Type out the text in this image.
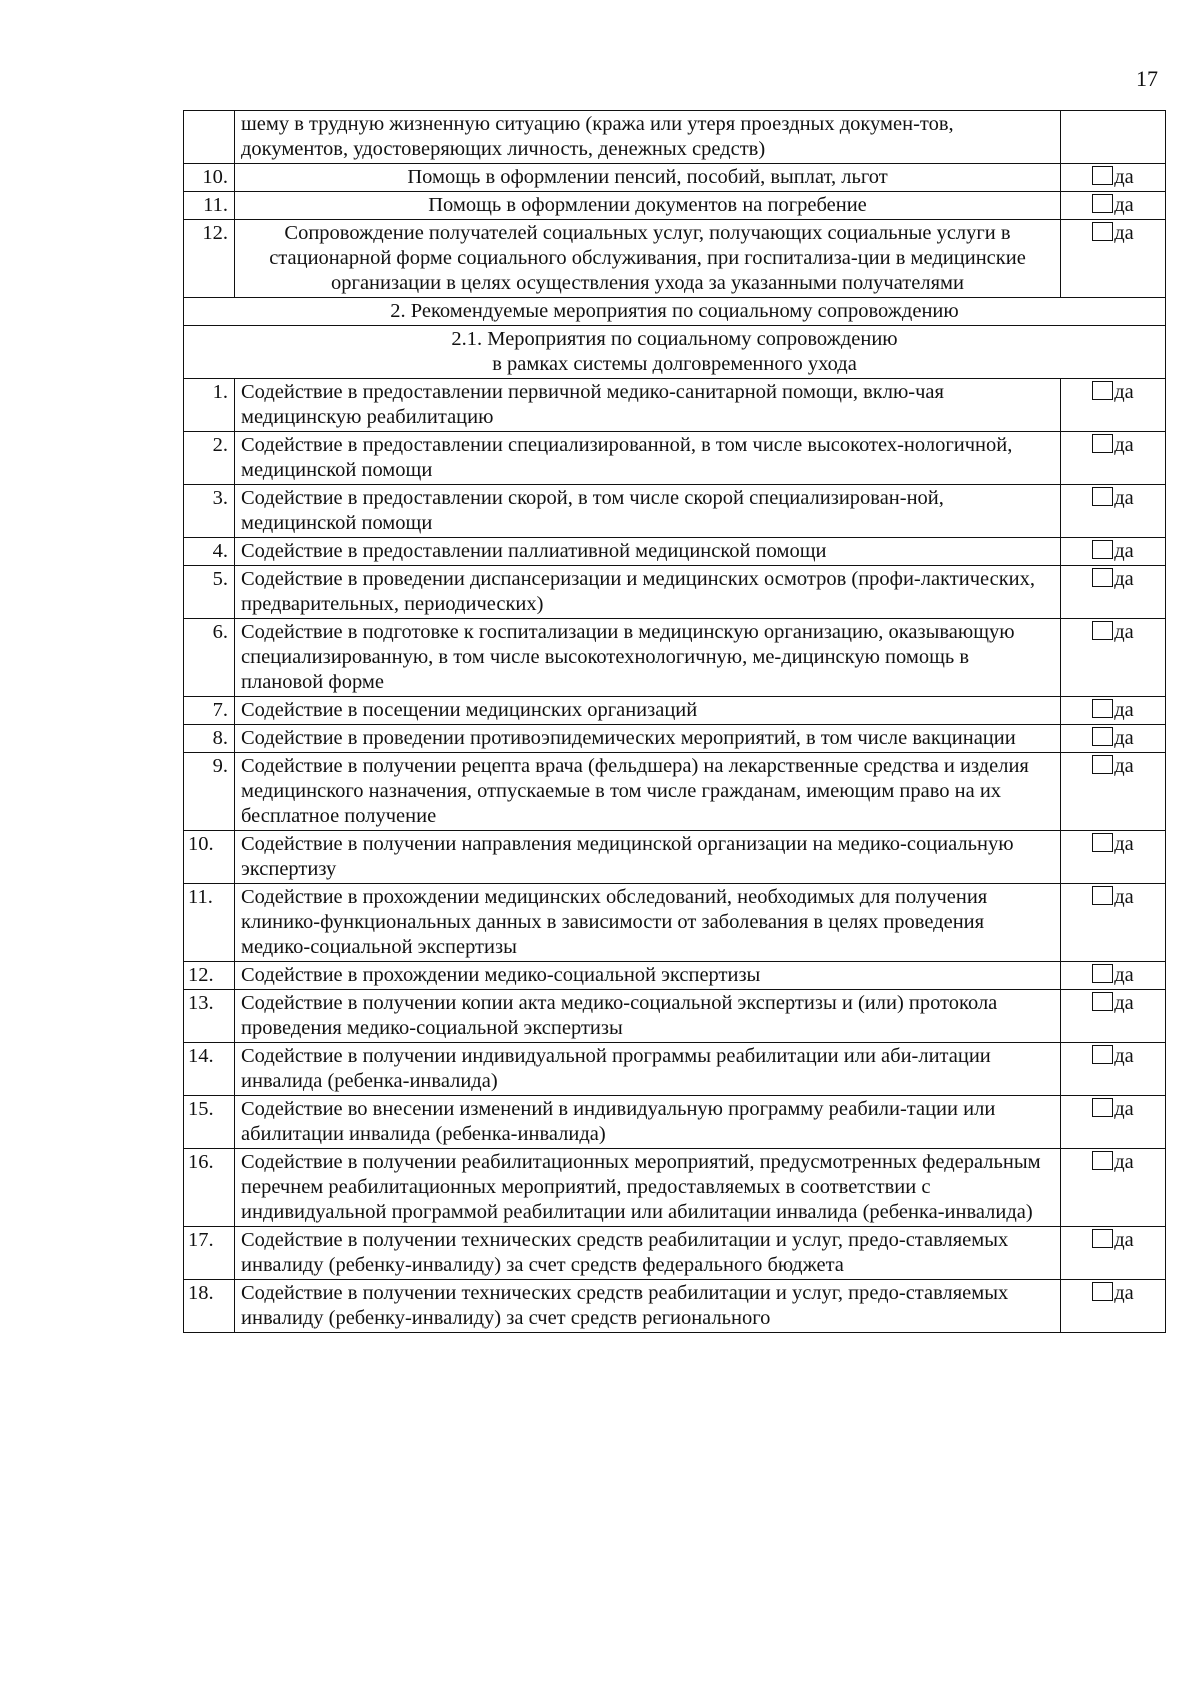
17
	шему в трудную жизненную ситуацию (кража или утеря проездных докумен-тов, документов, удостоверяющих личность, денежных средств)	
10.	Помощь в оформлении пенсий, пособий, выплат, льгот	да
11.	Помощь в оформлении документов на погребение	да
12.	Сопровождение получателей социальных услуг, получающих социальные услуги в стационарной форме социального обслуживания, при госпитализа-ции в медицинские организации в целях осуществления ухода за указанными получателями	да
2. Рекомендуемые мероприятия по социальному сопровождению		

2.1. Мероприятия по социальному сопровождению
в рамках системы долговременного ухода		

1.	Содействие в предоставлении первичной медико-санитарной помощи, вклю-чая медицинскую реабилитацию	да
2.	Содействие в предоставлении специализированной, в том числе высокотех-нологичной, медицинской помощи	да
3.	Содействие в предоставлении скорой, в том числе скорой специализирован-ной, медицинской помощи	да
4.	Содействие в предоставлении паллиативной медицинской помощи	да
5.	Содействие в проведении диспансеризации и медицинских осмотров (профи-лактических, предварительных, периодических)	да
6.	Содействие в подготовке к госпитализации в медицинскую организацию, оказывающую специализированную, в том числе высокотехнологичную, ме-дицинскую помощь в плановой форме	да
7.	Содействие в посещении медицинских организаций	да
8.	Содействие в проведении противоэпидемических мероприятий, в том числе вакцинации	да
9.	Содействие в получении рецепта врача (фельдшера) на лекарственные средства и изделия медицинского назначения, отпускаемые в том числе гражданам, имеющим право на их бесплатное получение	да
10.	Содействие в получении направления медицинской организации на медико-социальную экспертизу	да
11.	Содействие в прохождении медицинских обследований, необходимых для получения клинико-функциональных данных в зависимости от заболевания в целях проведения медико-социальной экспертизы	да
12.	Содействие в прохождении медико-социальной экспертизы	да
13.	Содействие в получении копии акта медико-социальной экспертизы и (или) протокола проведения медико-социальной экспертизы	да
14.	Содействие в получении индивидуальной программы реабилитации или аби-литации инвалида (ребенка-инвалида)	да
15.	Содействие во внесении изменений в индивидуальную программу реабили-тации или абилитации инвалида (ребенка-инвалида)	да
16.	Содействие в получении реабилитационных мероприятий, предусмотренных федеральным перечнем реабилитационных мероприятий, предоставляемых в соответствии с индивидуальной программой реабилитации или абилитации инвалида (ребенка-инвалида)	да
17.	Содействие в получении технических средств реабилитации и услуг, предо-ставляемых инвалиду (ребенку-инвалиду) за счет средств федерального бюджета	да
18.	Содействие в получении технических средств реабилитации и услуг, предо-ставляемых инвалиду (ребенку-инвалиду) за счет средств регионального	да
